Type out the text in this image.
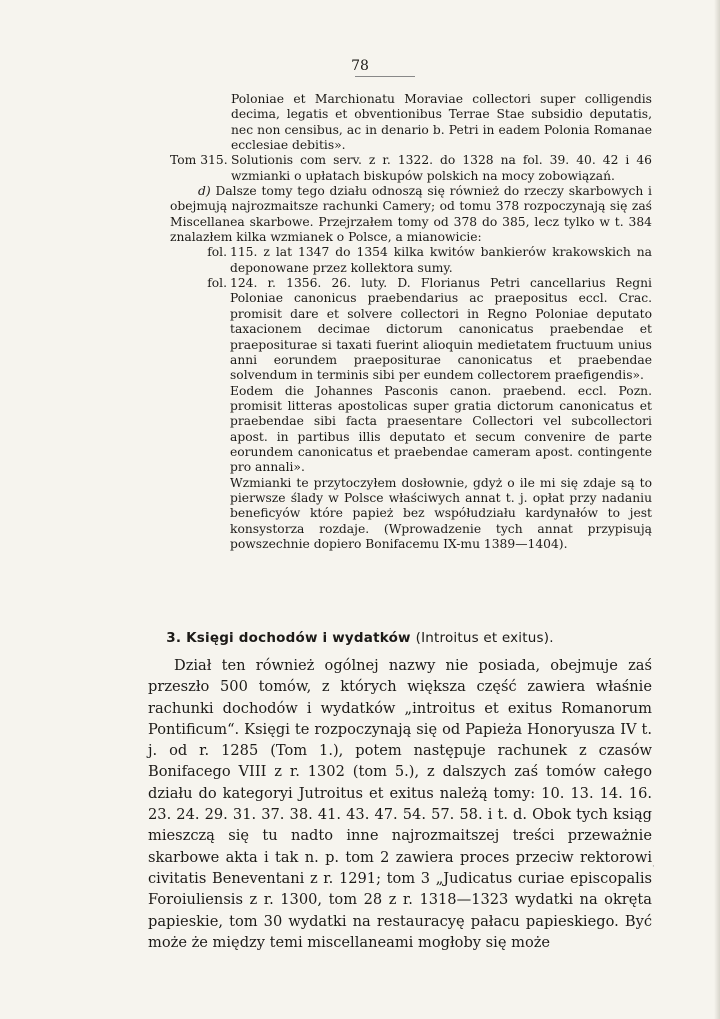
78

Poloniae et Marchionatu Moraviae collectori super colligendis decima, legatis et obventionibus Terrae Stae subsidio deputatis, nec non censibus, ac in denario b. Petri in eadem Polonia Romanae ecclesiae debitis».

Tom 315. Solutionis com serv. z r. 1322. do 1328 na fol. 39. 40. 42 i 46 wzmianki o upłatach biskupów polskich na mocy zobowiązań.

d) Dalsze tomy tego działu odnoszą się również do rzeczy skarbowych i obejmują najrozmaitsze rachunki Camery; od tomu 378 rozpoczynają się zaś Miscellanea skarbowe. Przejrzałem tomy od 378 do 385, lecz tylko w t. 384 znalazłem kilka wzmianek o Polsce, a mianowicie:

fol. 115. z lat 1347 do 1354 kilka kwitów bankierów krakowskich na deponowane przez kollektora sumy.
fol. 124. r. 1356. 26. luty. D. Florianus Petri cancellarius Regni Poloniae canonicus praebendarius ac praepositus eccl. Crac. promisit dare et solvere collectori in Regno Poloniae deputato taxacionem decimae dictorum canonicatus praebendae et praepositurae si taxati fuerint alioquin medietatem fructuum unius anni eorundem praepositurae canonicatus et praebendae solvendum in terminis sibi per eundem collectorem praefigendis».

Eodem die Johannes Pasconis canon. praebend. eccl. Pozn. promisit litteras apostolicas super gratia dictorum canonicatus et praebendae sibi facta praesentare Collectori vel subcollectori apost. in partibus illis deputato et secum convenire de parte eorundem canonicatus et praebendae cameram apost. contingente pro annali».

Wzmianki te przytoczyłem dosłownie, gdyż o ile mi się zdaje są to pierwsze ślady w Polsce właściwych annat t. j. opłat przy nadaniu beneficyów które papież bez współudziału kardynałów to jest konsystorza rozdaje. (Wprowadzenie tych annat przypisują powszechnie dopiero Bonifacemu IX-mu 1389—1404).

3. Księgi dochodów i wydatków (Introitus et exitus).

Dział ten również ogólnej nazwy nie posiada, obejmuje zaś przeszło 500 tomów, z których większa część zawiera właśnie rachunki dochodów i wydatków „introitus et exitus Romanorum Pontificum“. Księgi te rozpoczynają się od Papieża Honoryusza IV t. j. od r. 1285 (Tom 1.), potem następuje rachunek z czasów Bonifacego VIII z r. 1302 (tom 5.), z dalszych zaś tomów całego działu do kategoryi Jutroitus et exitus należą tomy: 10. 13. 14. 16. 23. 24. 29. 31. 37. 38. 41. 43. 47. 54. 57. 58. i t. d. Obok tych ksiąg mieszczą się tu nadto inne najrozmaitszej treści przeważnie skarbowe akta i tak n. p. tom 2 zawiera proces przeciw rektorowi civitatis Beneventani z r. 1291; tom 3 „Judicatus curiae episcopalis Foroiuliensis z r. 1300, tom 28 z r. 1318—1323 wydatki na okręta papieskie, tom 30 wydatki na restauracyę pałacu papieskiego. Być może że między temi miscellaneami mogłoby się może

·
